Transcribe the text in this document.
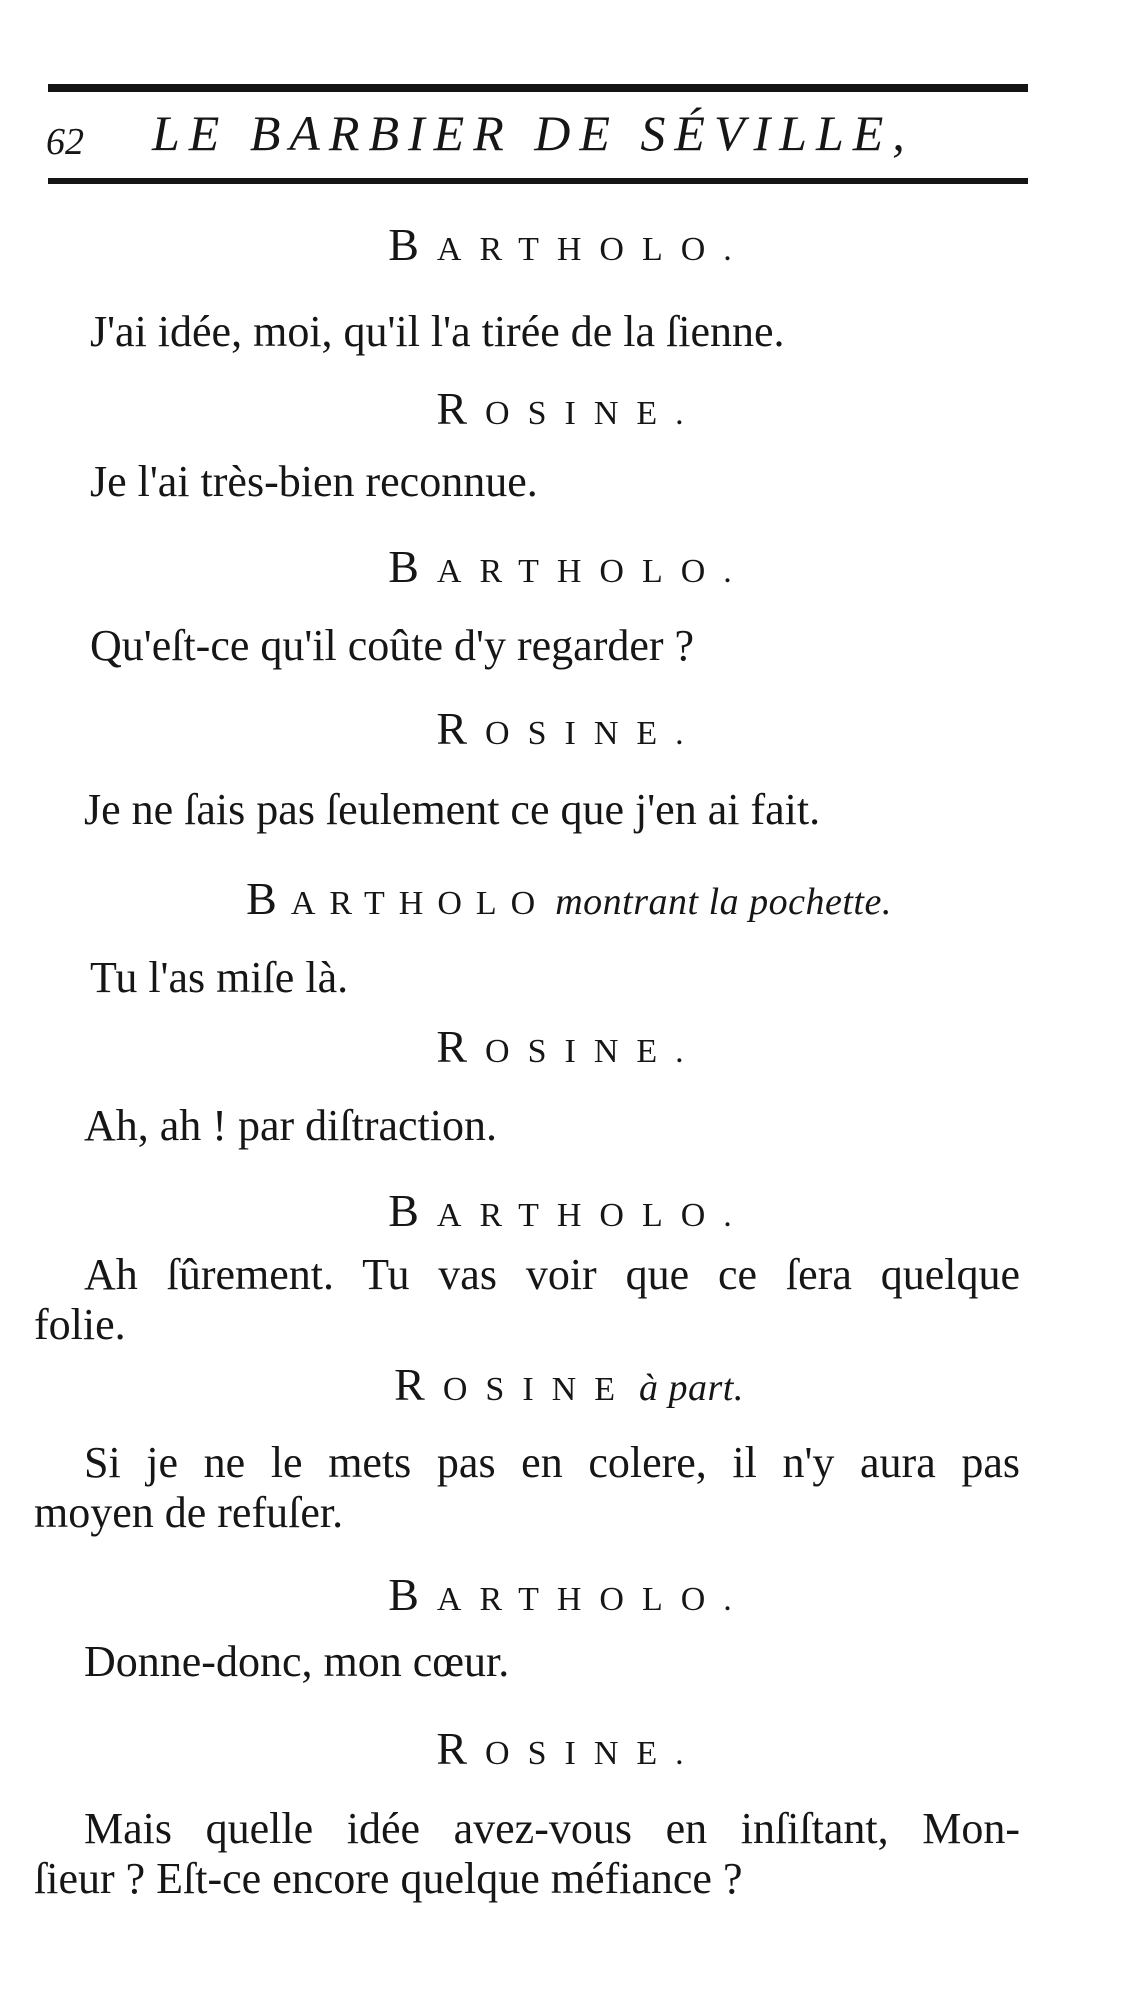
62 LE BARBIER DE SÉVILLE,
BARTHOLO.
J'ai idée, moi, qu'il l'a tirée de la ſienne.
ROSINE.
Je l'ai très-bien reconnue.
BARTHOLO.
Qu'eſt-ce qu'il coûte d'y regarder ?
ROSINE.
Je ne ſais pas ſeulement ce que j'en ai fait.
BARTHOLO montrant la pochette.
Tu l'as miſe là.
ROSINE.
Ah, ah ! par diſtraction.
BARTHOLO.
Ah ſûrement. Tu vas voir que ce ſera quelque
folie.
ROSINE à part.
Si je ne le mets pas en colere, il n'y aura pas
moyen de refuſer.
BARTHOLO.
Donne-donc, mon cœur.
ROSINE.
Mais quelle idée avez-vous en inſiſtant, Mon-
ſieur ? Eſt-ce encore quelque méfiance ?
